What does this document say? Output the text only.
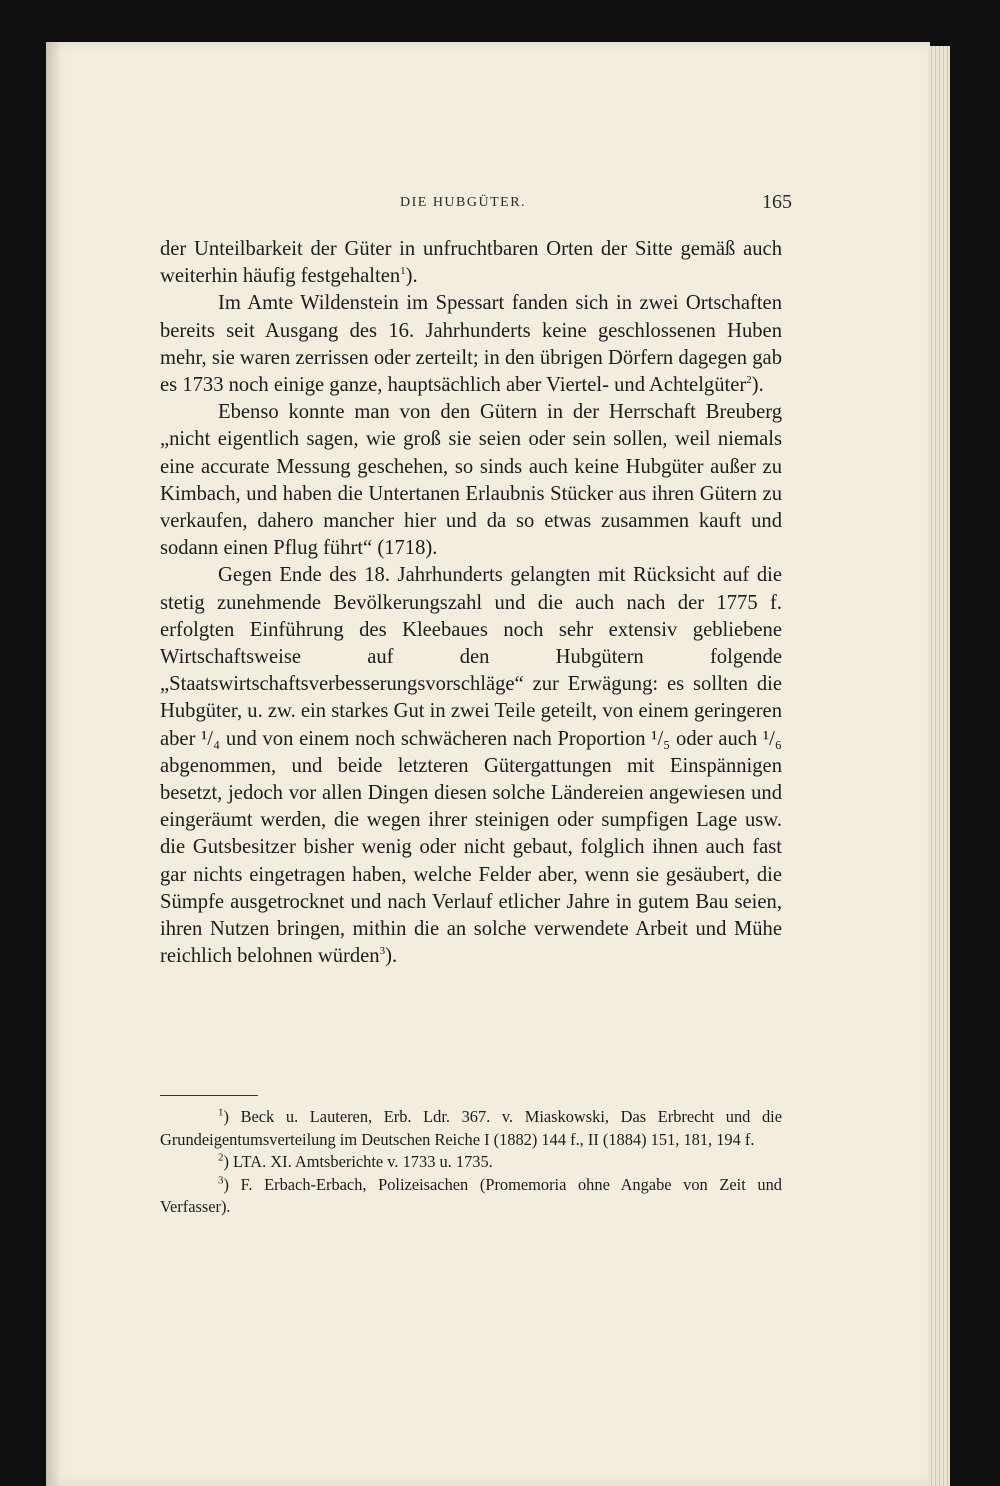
DIE HUBGÜTER.	165

der Unteilbarkeit der Güter in unfruchtbaren Orten der Sitte gemäß auch weiterhin häufig festgehalten$^1$).

Im Amte Wildenstein im Spessart fanden sich in zwei Ortschaften bereits seit Ausgang des 16. Jahrhunderts keine geschlossenen Huben mehr, sie waren zerrissen oder zerteilt; in den übrigen Dörfern dagegen gab es 1733 noch einige ganze, hauptsächlich aber Viertel- und Achtelgüter$^2$).

Ebenso konnte man von den Gütern in der Herrschaft Breuberg „nicht eigentlich sagen, wie groß sie seien oder sein sollen, weil niemals eine accurate Messung geschehen, so sinds auch keine Hubgüter außer zu Kimbach, und haben die Untertanen Erlaubnis Stücker aus ihren Gütern zu verkaufen, dahero mancher hier und da so etwas zusammen kauft und sodann einen Pflug führt“ (1718).

Gegen Ende des 18. Jahrhunderts gelangten mit Rücksicht auf die stetig zunehmende Bevölkerungszahl und die auch nach der 1775 f. erfolgten Einführung des Kleebaues noch sehr extensiv gebliebene Wirtschaftsweise auf den Hubgütern folgende „Staatswirtschaftsverbesserungsvorschläge“ zur Erwägung: es sollten die Hubgüter, u. zw. ein starkes Gut in zwei Teile geteilt, von einem geringeren aber ¹/₄ und von einem noch schwächeren nach Proportion ¹/₅ oder auch ¹/₆ abgenommen, und beide letzteren Gütergattungen mit Einspännigen besetzt, jedoch vor allen Dingen diesen solche Ländereien angewiesen und eingeräumt werden, die wegen ihrer steinigen oder sumpfigen Lage usw. die Gutsbesitzer bisher wenig oder nicht gebaut, folglich ihnen auch fast gar nichts eingetragen haben, welche Felder aber, wenn sie gesäubert, die Sümpfe ausgetrocknet und nach Verlauf etlicher Jahre in gutem Bau seien, ihren Nutzen bringen, mithin die an solche verwendete Arbeit und Mühe reichlich belohnen würden$^3$).

$^1$) Beck u. Lauteren, Erb. Ldr. 367. v. Miaskowski, Das Erbrecht und die Grundeigentumsverteilung im Deutschen Reiche I (1882) 144 f., II (1884) 151, 181, 194 f.

$^2$) LTA. XI. Amtsberichte v. 1733 u. 1735.

$^3$) F. Erbach-Erbach, Polizeisachen (Promemoria ohne Angabe von Zeit und Verfasser).
